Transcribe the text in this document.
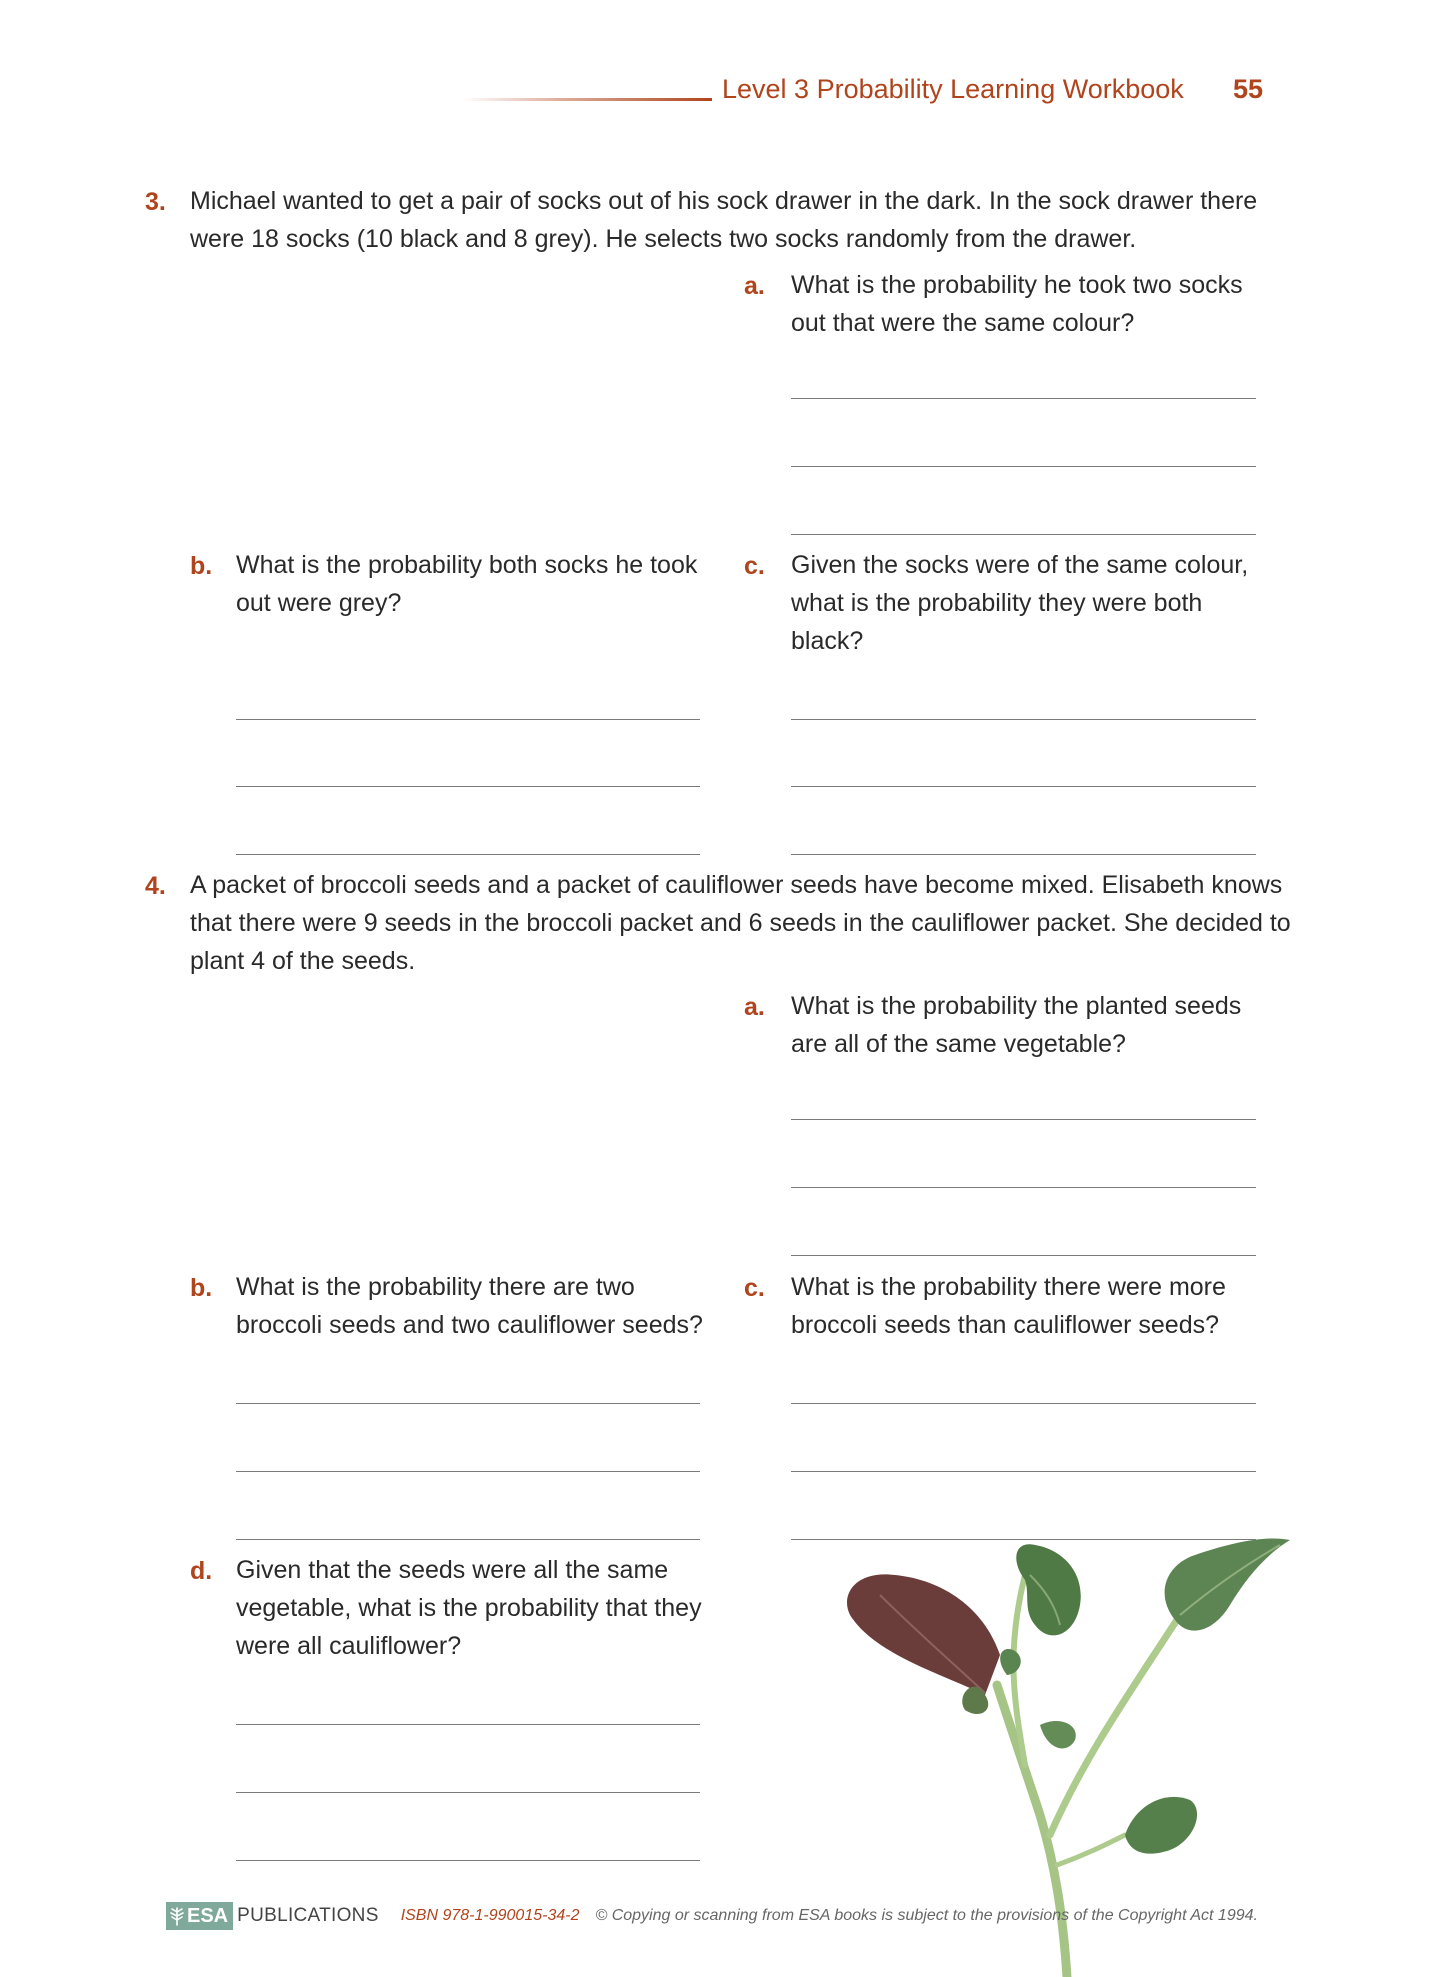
Level 3 Probability Learning Workbook 55
3. Michael wanted to get a pair of socks out of his sock drawer in the dark. In the sock drawer there
were 18 socks (10 black and 8 grey). He selects two socks randomly from the drawer.
a. What is the probability he took two socks
out that were the same colour?
b. What is the probability both socks he took
out were grey?
c. Given the socks were of the same colour,
what is the probability they were both
black?
4. A packet of broccoli seeds and a packet of cauliflower seeds have become mixed. Elisabeth knows
that there were 9 seeds in the broccoli packet and 6 seeds in the cauliflower packet. She decided to
plant 4 of the seeds.
a. What is the probability the planted seeds
are all of the same vegetable?
b. What is the probability there are two
broccoli seeds and two cauliflower seeds?
c. What is the probability there were more
broccoli seeds than cauliflower seeds?
d. Given that the seeds were all the same
vegetable, what is the probability that they
were all cauliflower?
ESA PUBLICATIONS ISBN 978-1-990015-34-2 © Copying or scanning from ESA books is subject to the provisions of the Copyright Act 1994.
